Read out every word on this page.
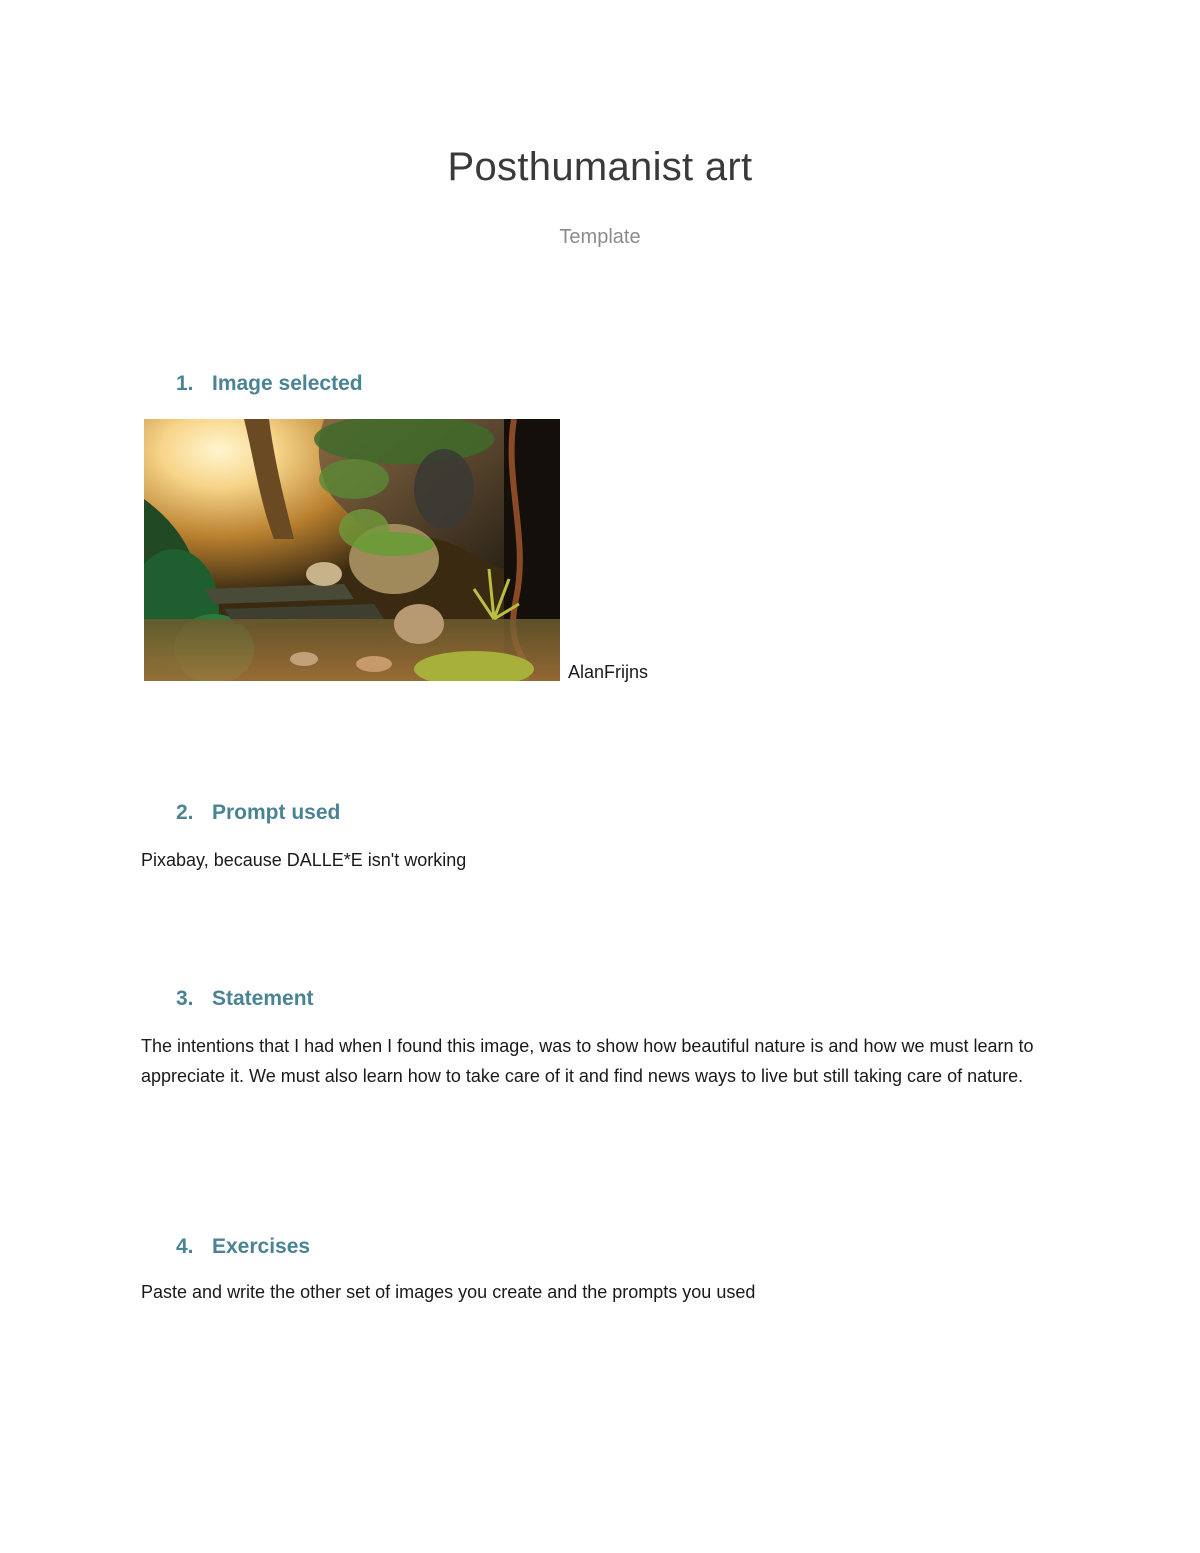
Posthumanist art

Template

1. Image selected

AlanFrijns

2. Prompt used

Pixabay, because DALLE*E isn't working

3. Statement

The intentions that I had when I found this image, was to show how beautiful nature is and how we must learn to appreciate it. We must also learn how to take care of it and find news ways to live but still taking care of nature.

4. Exercises

Paste and write the other set of images you create and the prompts you used
